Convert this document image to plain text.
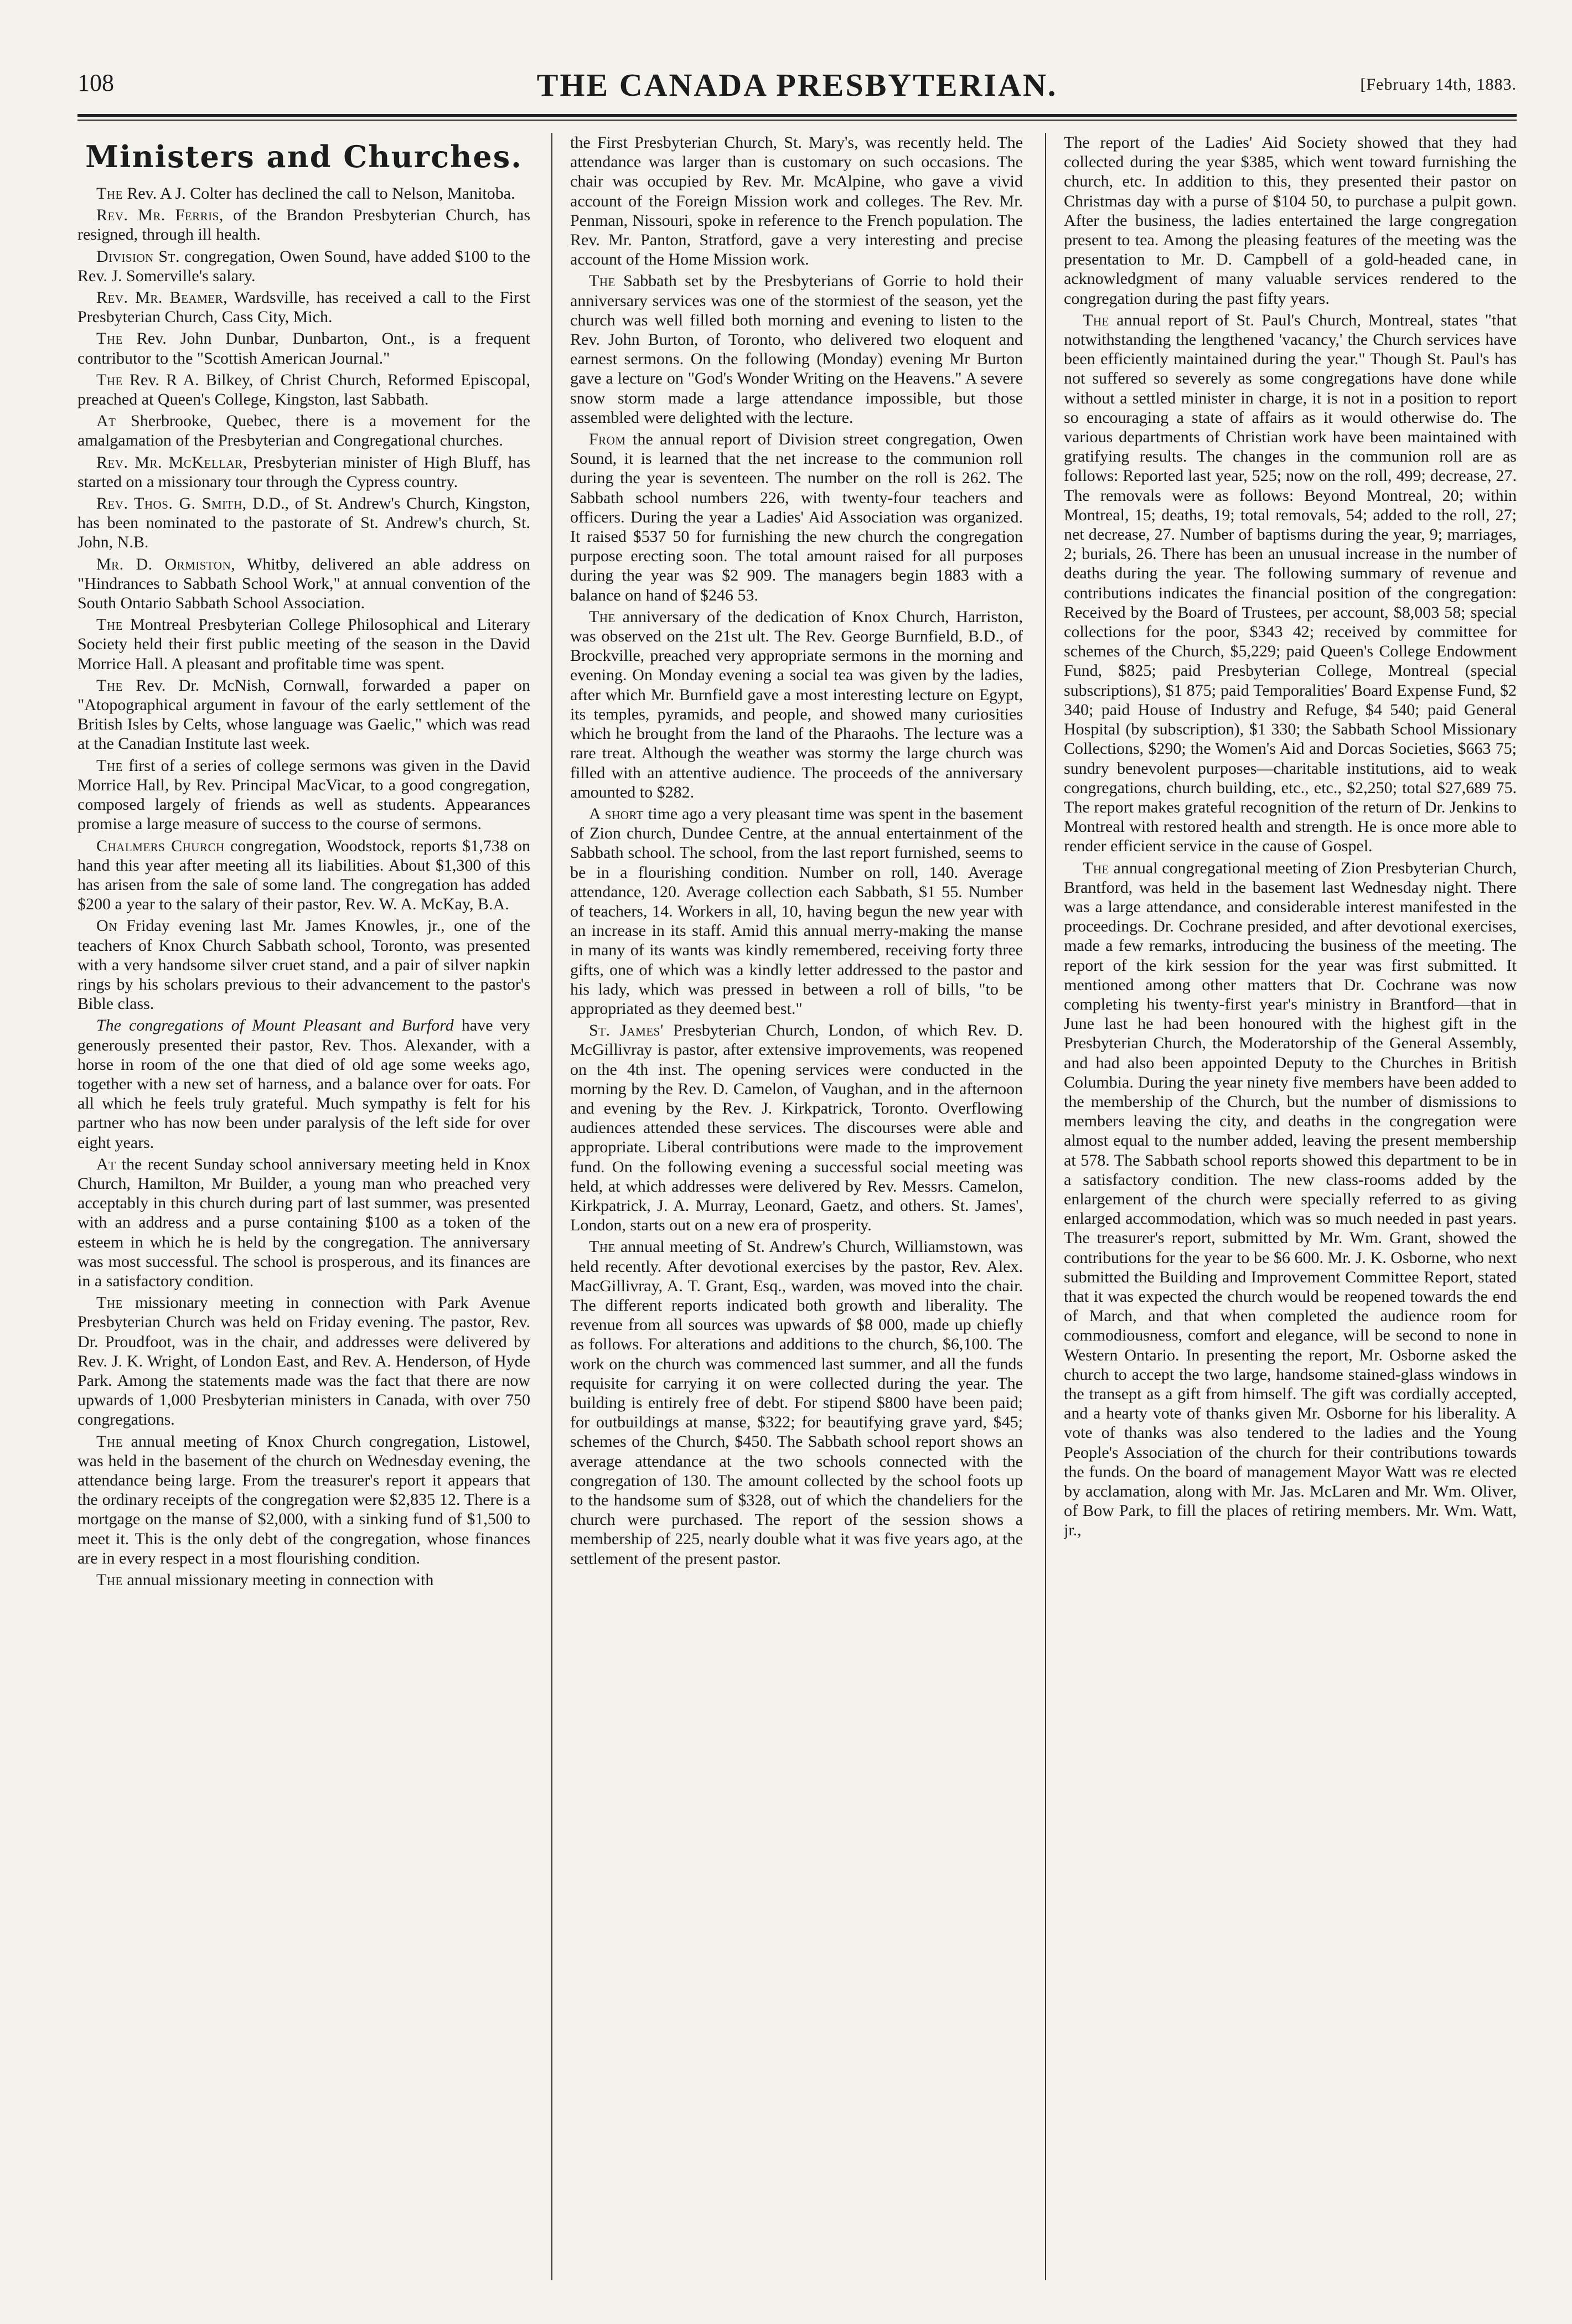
108	THE CANADA PRESBYTERIAN.	[February 14th, 1883.
Ministers and Churches.

The Rev. A J. Colter has declined the call to Nelson, Manitoba.

Rev. Mr. Ferris, of the Brandon Presbyterian Church, has resigned, through ill health.

Division St. congregation, Owen Sound, have added $100 to the Rev. J. Somerville's salary.

Rev. Mr. Beamer, Wardsville, has received a call to the First Presbyterian Church, Cass City, Mich.

The Rev. John Dunbar, Dunbarton, Ont., is a frequent contributor to the "Scottish American Journal."

The Rev. R A. Bilkey, of Christ Church, Reformed Episcopal, preached at Queen's College, Kingston, last Sabbath.

At Sherbrooke, Quebec, there is a movement for the amalgamation of the Presbyterian and Congregational churches.

Rev. Mr. McKellar, Presbyterian minister of High Bluff, has started on a missionary tour through the Cypress country.

Rev. Thos. G. Smith, D.D., of St. Andrew's Church, Kingston, has been nominated to the pastorate of St. Andrew's church, St. John, N.B.

Mr. D. Ormiston, Whitby, delivered an able address on "Hindrances to Sabbath School Work," at annual convention of the South Ontario Sabbath School Association.

The Montreal Presbyterian College Philosophical and Literary Society held their first public meeting of the season in the David Morrice Hall. A pleasant and profitable time was spent.

The Rev. Dr. McNish, Cornwall, forwarded a paper on "Atopographical argument in favour of the early settlement of the British Isles by Celts, whose language was Gaelic," which was read at the Canadian Institute last week.

The first of a series of college sermons was given in the David Morrice Hall, by Rev. Principal MacVicar, to a good congregation, composed largely of friends as well as students. Appearances promise a large measure of success to the course of sermons.

Chalmers Church congregation, Woodstock, reports $1,738 on hand this year after meeting all its liabilities. About $1,300 of this has arisen from the sale of some land. The congregation has added $200 a year to the salary of their pastor, Rev. W. A. McKay, B.A.

On Friday evening last Mr. James Knowles, jr., one of the teachers of Knox Church Sabbath school, Toronto, was presented with a very handsome silver cruet stand, and a pair of silver napkin rings by his scholars previous to their advancement to the pastor's Bible class.

The congregations of Mount Pleasant and Burford have very generously presented their pastor, Rev. Thos. Alexander, with a horse in room of the one that died of old age some weeks ago, together with a new set of harness, and a balance over for oats. For all which he feels truly grateful. Much sympathy is felt for his partner who has now been under paralysis of the left side for over eight years.

At the recent Sunday school anniversary meeting held in Knox Church, Hamilton, Mr Builder, a young man who preached very acceptably in this church during part of last summer, was presented with an address and a purse containing $100 as a token of the esteem in which he is held by the congregation. The anniversary was most successful. The school is prosperous, and its finances are in a satisfactory condition.

The missionary meeting in connection with Park Avenue Presbyterian Church was held on Friday evening. The pastor, Rev. Dr. Proudfoot, was in the chair, and addresses were delivered by Rev. J. K. Wright, of London East, and Rev. A. Henderson, of Hyde Park. Among the statements made was the fact that there are now upwards of 1,000 Presbyterian ministers in Canada, with over 750 congregations.

The annual meeting of Knox Church congregation, Listowel, was held in the basement of the church on Wednesday evening, the attendance being large. From the treasurer's report it appears that the ordinary receipts of the congregation were $2,835 12. There is a mortgage on the manse of $2,000, with a sinking fund of $1,500 to meet it. This is the only debt of the congregation, whose finances are in every respect in a most flourishing condition.

The annual missionary meeting in connection with

the First Presbyterian Church, St. Mary's, was recently held. The attendance was larger than is customary on such occasions. The chair was occupied by Rev. Mr. McAlpine, who gave a vivid account of the Foreign Mission work and colleges. The Rev. Mr. Penman, Nissouri, spoke in reference to the French population. The Rev. Mr. Panton, Stratford, gave a very interesting and precise account of the Home Mission work.

The Sabbath set by the Presbyterians of Gorrie to hold their anniversary services was one of the stormiest of the season, yet the church was well filled both morning and evening to listen to the Rev. John Burton, of Toronto, who delivered two eloquent and earnest sermons. On the following (Monday) evening Mr Burton gave a lecture on "God's Wonder Writing on the Heavens." A severe snow storm made a large attendance impossible, but those assembled were delighted with the lecture.

From the annual report of Division street congregation, Owen Sound, it is learned that the net increase to the communion roll during the year is seventeen. The number on the roll is 262. The Sabbath school numbers 226, with twenty-four teachers and officers. During the year a Ladies' Aid Association was organized. It raised $537 50 for furnishing the new church the congregation purpose erecting soon. The total amount raised for all purposes during the year was $2 909. The managers begin 1883 with a balance on hand of $246 53.

The anniversary of the dedication of Knox Church, Harriston, was observed on the 21st ult. The Rev. George Burnfield, B.D., of Brockville, preached very appropriate sermons in the morning and evening. On Monday evening a social tea was given by the ladies, after which Mr. Burnfield gave a most interesting lecture on Egypt, its temples, pyramids, and people, and showed many curiosities which he brought from the land of the Pharaohs. The lecture was a rare treat. Although the weather was stormy the large church was filled with an attentive audience. The proceeds of the anniversary amounted to $282.

A short time ago a very pleasant time was spent in the basement of Zion church, Dundee Centre, at the annual entertainment of the Sabbath school. The school, from the last report furnished, seems to be in a flourishing condition. Number on roll, 140. Average attendance, 120. Average collection each Sabbath, $1 55. Number of teachers, 14. Workers in all, 10, having begun the new year with an increase in its staff. Amid this annual merry-making the manse in many of its wants was kindly remembered, receiving forty three gifts, one of which was a kindly letter addressed to the pastor and his lady, which was pressed in between a roll of bills, "to be appropriated as they deemed best."

St. James' Presbyterian Church, London, of which Rev. D. McGillivray is pastor, after extensive improvements, was reopened on the 4th inst. The opening services were conducted in the morning by the Rev. D. Camelon, of Vaughan, and in the afternoon and evening by the Rev. J. Kirkpatrick, Toronto. Overflowing audiences attended these services. The discourses were able and appropriate. Liberal contributions were made to the improvement fund. On the following evening a successful social meeting was held, at which addresses were delivered by Rev. Messrs. Camelon, Kirkpatrick, J. A. Murray, Leonard, Gaetz, and others. St. James', London, starts out on a new era of prosperity.

The annual meeting of St. Andrew's Church, Williamstown, was held recently. After devotional exercises by the pastor, Rev. Alex. MacGillivray, A. T. Grant, Esq., warden, was moved into the chair. The different reports indicated both growth and liberality. The revenue from all sources was upwards of $8 000, made up chiefly as follows. For alterations and additions to the church, $6,100. The work on the church was commenced last summer, and all the funds requisite for carrying it on were collected during the year. The building is entirely free of debt. For stipend $800 have been paid; for outbuildings at manse, $322; for beautifying grave yard, $45; schemes of the Church, $450. The Sabbath school report shows an average attendance at the two schools connected with the congregation of 130. The amount collected by the school foots up to the handsome sum of $328, out of which the chandeliers for the church were purchased. The report of the session shows a membership of 225, nearly double what it was five years ago, at the settlement of the present pastor.

The report of the Ladies' Aid Society showed that they had collected during the year $385, which went toward furnishing the church, etc. In addition to this, they presented their pastor on Christmas day with a purse of $104 50, to purchase a pulpit gown. After the business, the ladies entertained the large congregation present to tea. Among the pleasing features of the meeting was the presentation to Mr. D. Campbell of a gold-headed cane, in acknowledgment of many valuable services rendered to the congregation during the past fifty years.

The annual report of St. Paul's Church, Montreal, states "that notwithstanding the lengthened 'vacancy,' the Church services have been efficiently maintained during the year." Though St. Paul's has not suffered so severely as some congregations have done while without a settled minister in charge, it is not in a position to report so encouraging a state of affairs as it would otherwise do. The various departments of Christian work have been maintained with gratifying results. The changes in the communion roll are as follows: Reported last year, 525; now on the roll, 499; decrease, 27. The removals were as follows: Beyond Montreal, 20; within Montreal, 15; deaths, 19; total removals, 54; added to the roll, 27; net decrease, 27. Number of baptisms during the year, 9; marriages, 2; burials, 26. There has been an unusual increase in the number of deaths during the year. The following summary of revenue and contributions indicates the financial position of the congregation: Received by the Board of Trustees, per account, $8,003 58; special collections for the poor, $343 42; received by committee for schemes of the Church, $5,229; paid Queen's College Endowment Fund, $825; paid Presbyterian College, Montreal (special subscriptions), $1 875; paid Temporalities' Board Expense Fund, $2 340; paid House of Industry and Refuge, $4 540; paid General Hospital (by subscription), $1 330; the Sabbath School Missionary Collections, $290; the Women's Aid and Dorcas Societies, $663 75; sundry benevolent purposes—charitable institutions, aid to weak congregations, church building, etc., etc., $2,250; total $27,689 75. The report makes grateful recognition of the return of Dr. Jenkins to Montreal with restored health and strength. He is once more able to render efficient service in the cause of Gospel.

The annual congregational meeting of Zion Presbyterian Church, Brantford, was held in the basement last Wednesday night. There was a large attendance, and considerable interest manifested in the proceedings. Dr. Cochrane presided, and after devotional exercises, made a few remarks, introducing the business of the meeting. The report of the kirk session for the year was first submitted. It mentioned among other matters that Dr. Cochrane was now completing his twenty-first year's ministry in Brantford—that in June last he had been honoured with the highest gift in the Presbyterian Church, the Moderatorship of the General Assembly, and had also been appointed Deputy to the Churches in British Columbia. During the year ninety five members have been added to the membership of the Church, but the number of dismissions to members leaving the city, and deaths in the congregation were almost equal to the number added, leaving the present membership at 578. The Sabbath school reports showed this department to be in a satisfactory condition. The new class-rooms added by the enlargement of the church were specially referred to as giving enlarged accommodation, which was so much needed in past years. The treasurer's report, submitted by Mr. Wm. Grant, showed the contributions for the year to be $6 600. Mr. J. K. Osborne, who next submitted the Building and Improvement Committee Report, stated that it was expected the church would be reopened towards the end of March, and that when completed the audience room for commodiousness, comfort and elegance, will be second to none in Western Ontario. In presenting the report, Mr. Osborne asked the church to accept the two large, handsome stained-glass windows in the transept as a gift from himself. The gift was cordially accepted, and a hearty vote of thanks given Mr. Osborne for his liberality. A vote of thanks was also tendered to the ladies and the Young People's Association of the church for their contributions towards the funds. On the board of management Mayor Watt was re elected by acclamation, along with Mr. Jas. McLaren and Mr. Wm. Oliver, of Bow Park, to fill the places of retiring members. Mr. Wm. Watt, jr.,
